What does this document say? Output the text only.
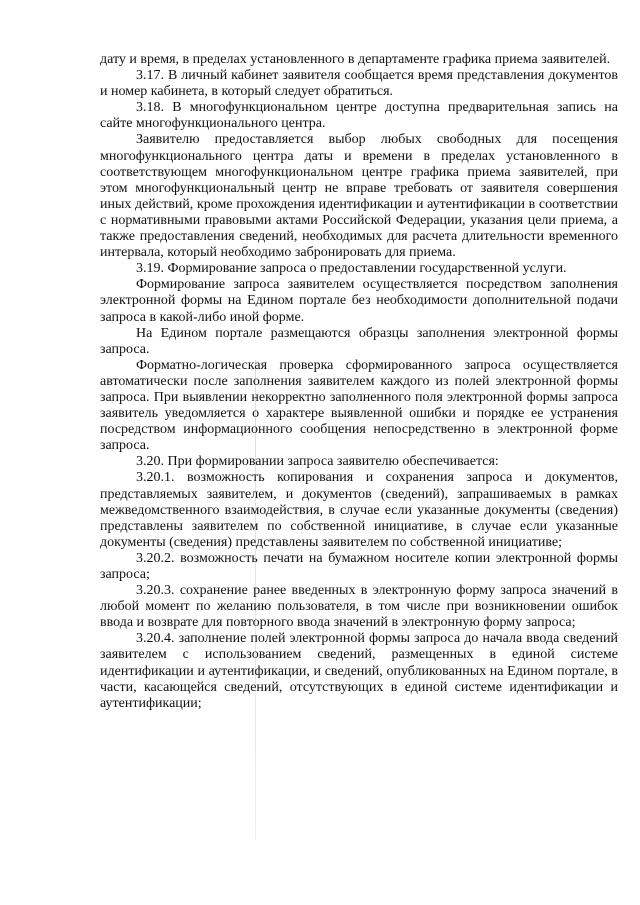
дату и время, в пределах установленного в департаменте графика приема заявителей.

3.17. В личный кабинет заявителя сообщается время представления документов и номер кабинета, в который следует обратиться.

3.18. В многофункциональном центре доступна предварительная запись на сайте многофункционального центра.

Заявителю предоставляется выбор любых свободных для посещения многофункционального центра даты и времени в пределах установленного в соответствующем многофункциональном центре графика приема заявителей, при этом многофункциональный центр не вправе требовать от заявителя совершения иных действий, кроме прохождения идентификации и аутентификации в соответствии с нормативными правовыми актами Российской Федерации, указания цели приема, а также предоставления сведений, необходимых для расчета длительности временного интервала, который необходимо забронировать для приема.

3.19. Формирование запроса о предоставлении государственной услуги.

Формирование запроса заявителем осуществляется посредством заполнения электронной формы на Едином портале без необходимости дополнительной подачи запроса в какой-либо иной форме.

На Едином портале размещаются образцы заполнения электронной формы запроса.

Форматно-логическая проверка сформированного запроса осуществляется автоматически после заполнения заявителем каждого из полей электронной формы запроса. При выявлении некорректно заполненного поля электронной формы запроса заявитель уведомляется о характере выявленной ошибки и порядке ее устранения посредством информационного сообщения непосредственно в электронной форме запроса.

3.20. При формировании запроса заявителю обеспечивается:

3.20.1. возможность копирования и сохранения запроса и документов, представляемых заявителем, и документов (сведений), запрашиваемых в рамках межведомственного взаимодействия, в случае если указанные документы (сведения) представлены заявителем по собственной инициативе, в случае если указанные документы (сведения) представлены заявителем по собственной инициативе;

3.20.2. возможность печати на бумажном носителе копии электронной формы запроса;

3.20.3. сохранение ранее введенных в электронную форму запроса значений в любой момент по желанию пользователя, в том числе при возникновении ошибок ввода и возврате для повторного ввода значений в электронную форму запроса;

3.20.4. заполнение полей электронной формы запроса до начала ввода сведений заявителем с использованием сведений, размещенных в единой системе идентификации и аутентификации, и сведений, опубликованных на Едином портале, в части, касающейся сведений, отсутствующих в единой системе идентификации и аутентификации;
